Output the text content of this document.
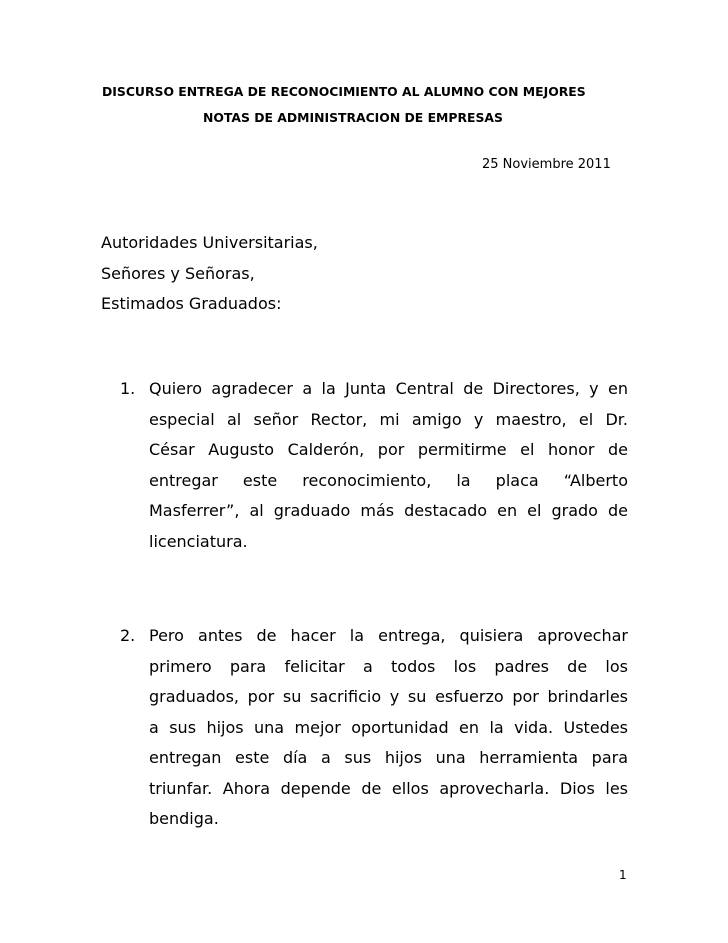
DISCURSO ENTREGA DE RECONOCIMIENTO AL ALUMNO CON MEJORES
NOTAS DE ADMINISTRACION DE EMPRESAS
25 Noviembre 2011
Autoridades Universitarias,
Señores y Señoras,
Estimados Graduados:
1. Quiero agradecer a la Junta Central de Directores, y en
especial al señor Rector, mi amigo y maestro, el Dr.
César Augusto Calderón, por permitirme el honor de
entregar este reconocimiento, la placa “Alberto
Masferrer”, al graduado más destacado en el grado de
licenciatura.
2. Pero antes de hacer la entrega, quisiera aprovechar
primero para felicitar a todos los padres de los
graduados, por su sacrificio y su esfuerzo por brindarles
a sus hijos una mejor oportunidad en la vida. Ustedes
entregan este día a sus hijos una herramienta para
triunfar. Ahora depende de ellos aprovecharla. Dios les
bendiga.
1
